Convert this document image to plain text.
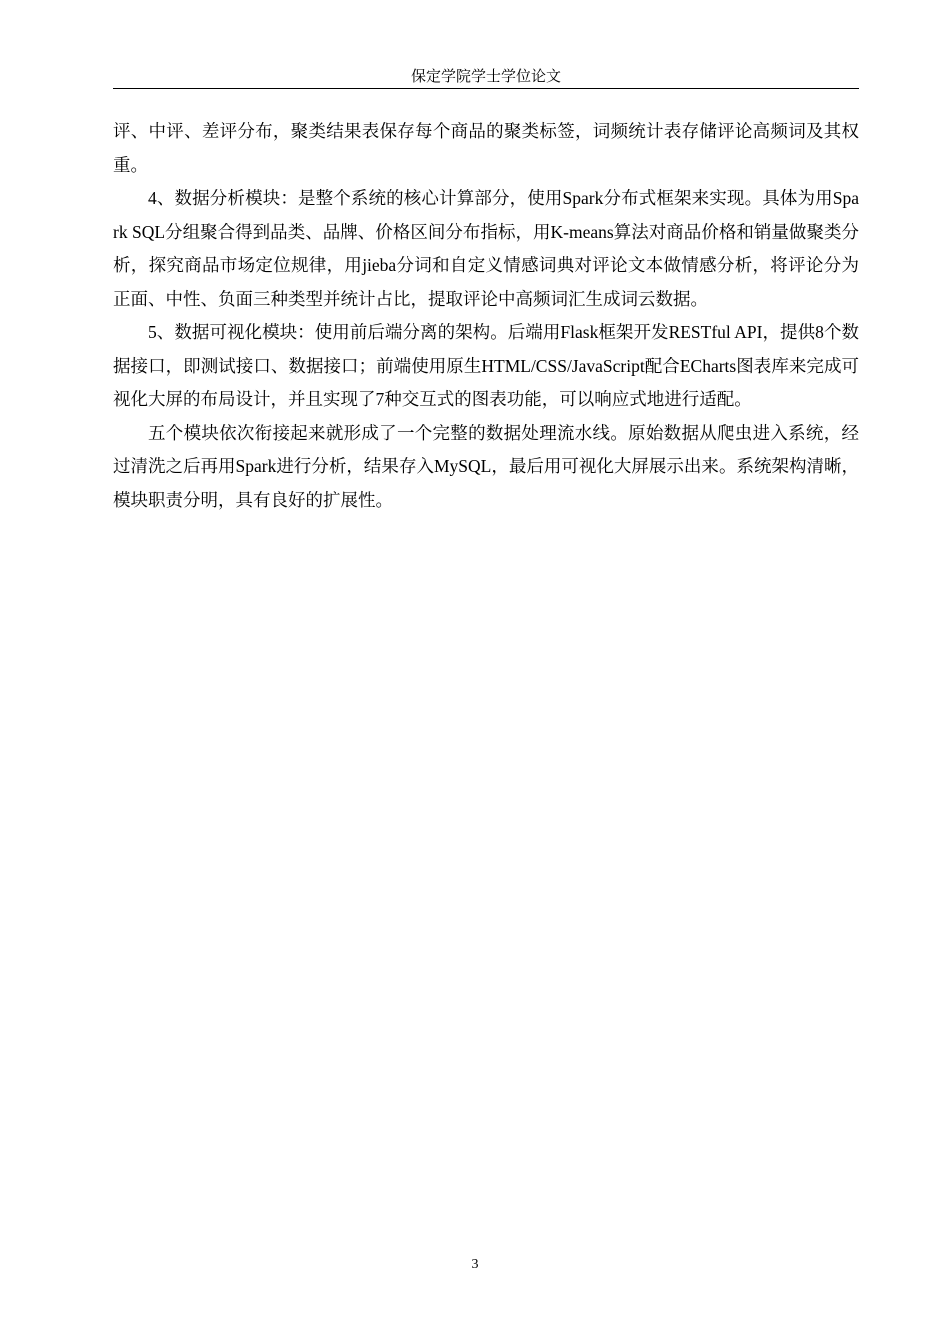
保定学院学士学位论文

评、中评、差评分布，聚类结果表保存每个商品的聚类标签，词频统计表存储评论高频词及其权重。

4、数据分析模块：是整个系统的核心计算部分，使用Spark分布式框架来实现。具体为用Spark SQL分组聚合得到品类、品牌、价格区间分布指标，用K-means算法对商品价格和销量做聚类分析，探究商品市场定位规律，用jieba分词和自定义情感词典对评论文本做情感分析，将评论分为正面、中性、负面三种类型并统计占比，提取评论中高频词汇生成词云数据。

5、数据可视化模块：使用前后端分离的架构。后端用Flask框架开发RESTful API，提供8个数据接口，即测试接口、数据接口；前端使用原生HTML/CSS/JavaScript配合ECharts图表库来完成可视化大屏的布局设计，并且实现了7种交互式的图表功能，可以响应式地进行适配。

五个模块依次衔接起来就形成了一个完整的数据处理流水线。原始数据从爬虫进入系统，经过清洗之后再用Spark进行分析，结果存入MySQL，最后用可视化大屏展示出来。系统架构清晰，模块职责分明，具有良好的扩展性。

3
